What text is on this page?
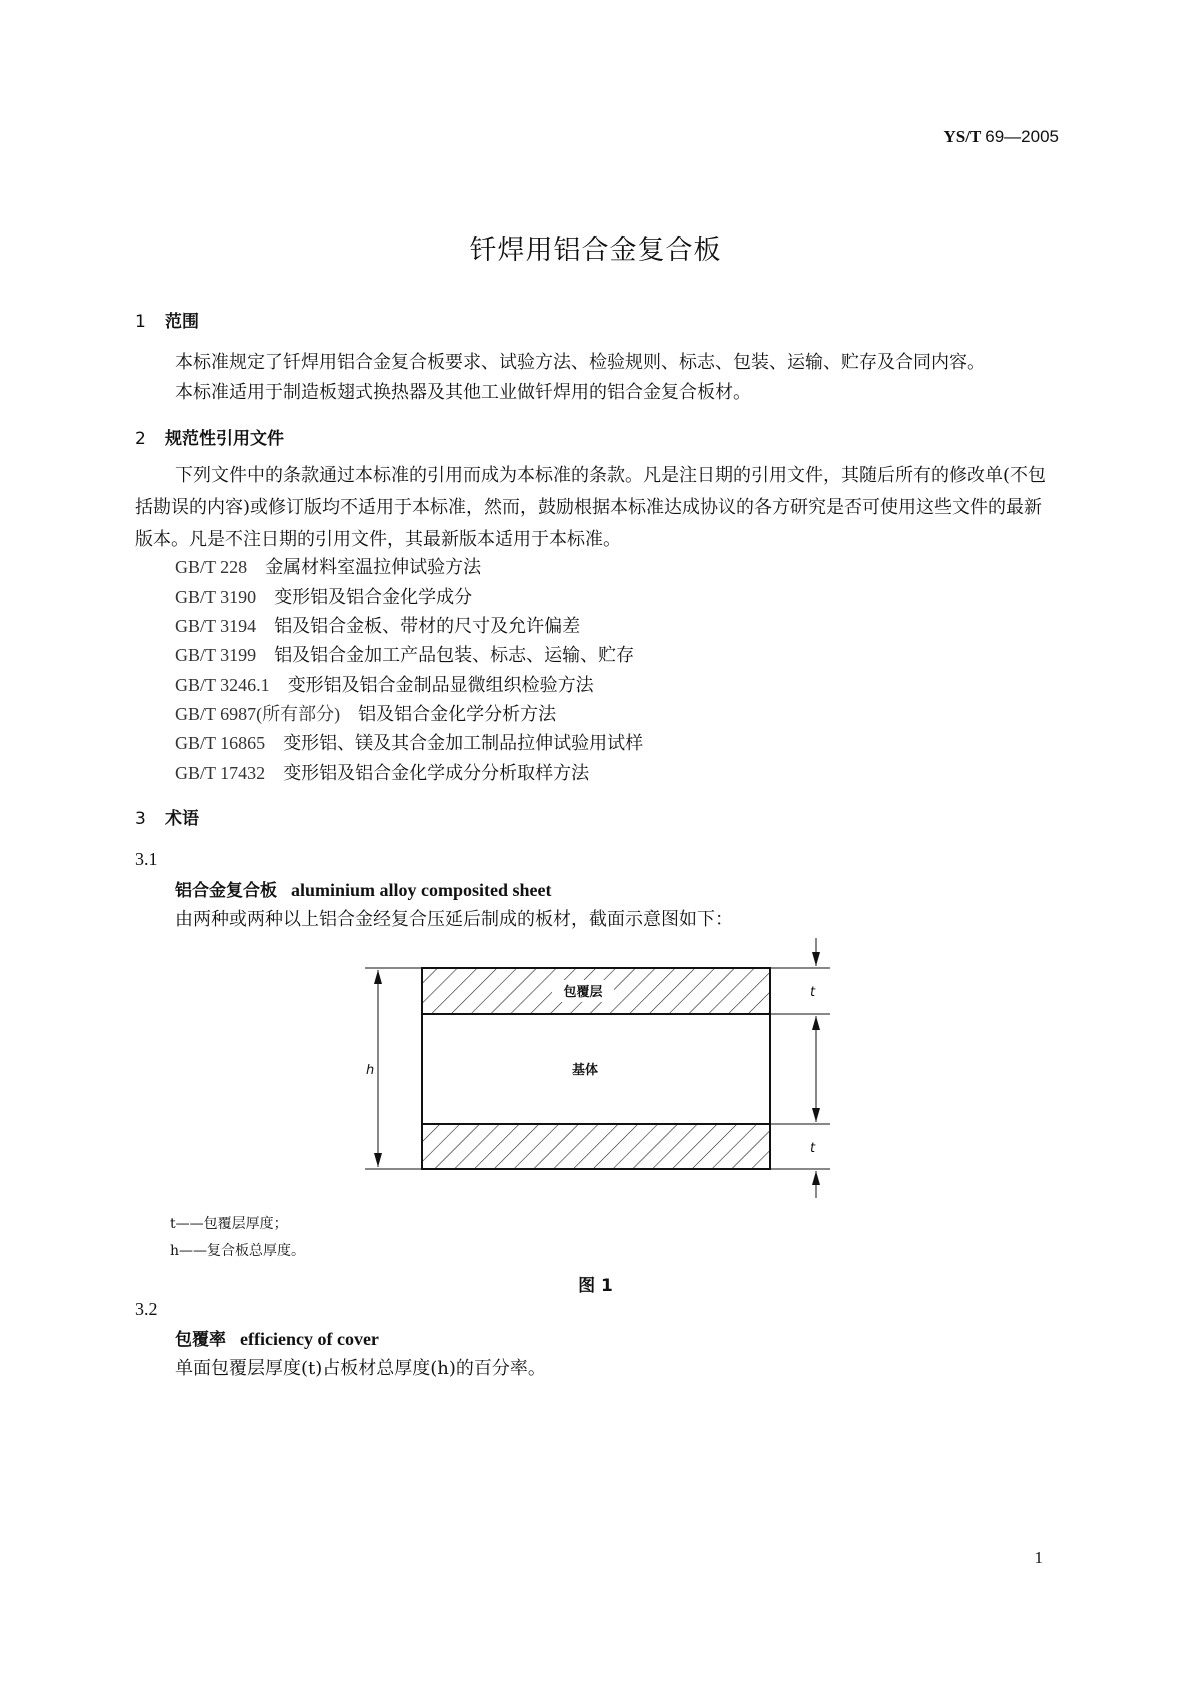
YS/T 69—2005
钎焊用铝合金复合板
1 范围
本标准规定了钎焊用铝合金复合板要求、试验方法、检验规则、标志、包装、运输、贮存及合同内容。
本标准适用于制造板翅式换热器及其他工业做钎焊用的铝合金复合板材。
2 规范性引用文件
下列文件中的条款通过本标准的引用而成为本标准的条款。凡是注日期的引用文件，其随后所有的修改单(不包括勘误的内容)或修订版均不适用于本标准，然而，鼓励根据本标准达成协议的各方研究是否可使用这些文件的最新版本。凡是不注日期的引用文件，其最新版本适用于本标准。
GB/T 228 金属材料室温拉伸试验方法
GB/T 3190 变形铝及铝合金化学成分
GB/T 3194 铝及铝合金板、带材的尺寸及允许偏差
GB/T 3199 铝及铝合金加工产品包装、标志、运输、贮存
GB/T 3246.1 变形铝及铝合金制品显微组织检验方法
GB/T 6987(所有部分) 铝及铝合金化学分析方法
GB/T 16865 变形铝、镁及其合金加工制品拉伸试验用试样
GB/T 17432 变形铝及铝合金化学成分分析取样方法
3 术语
3.1
铝合金复合板 aluminium alloy composited sheet
由两种或两种以上铝合金经复合压延后制成的板材，截面示意图如下：
包覆层
基体
h
t
t
t——包覆层厚度；
h——复合板总厚度。
图 1
3.2
包覆率 efficiency of cover
单面包覆层厚度(t)占板材总厚度(h)的百分率。
1
